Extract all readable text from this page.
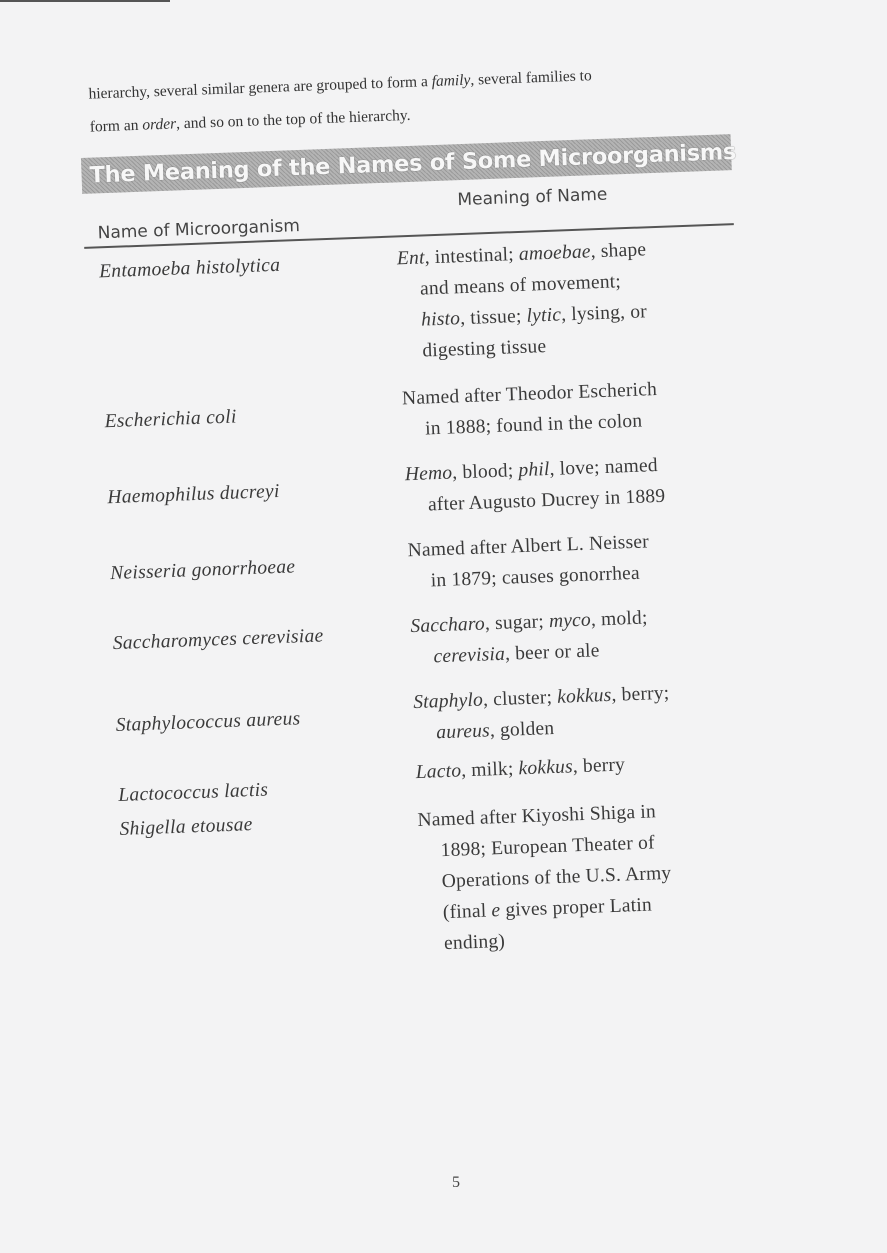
hierarchy, several similar genera are grouped to form a family, several families to
form an order, and so on to the top of the hierarchy.

The Meaning of the Names of Some Microorganisms
Name of Microorganism
Meaning of Name
Entamoeba histolytica	Ent, intestinal; amoebae, shape
and means of movement;
histo, tissue; lytic, lysing, or
digesting tissue
Escherichia coli
Named after Theodor Escherich
in 1888; found in the colon
Haemophilus ducreyi
Hemo, blood; phil, love; named
after Augusto Ducrey in 1889
Neisseria gonorrhoeae
Named after Albert L. Neisser
in 1879; causes gonorrhea
Saccharomyces cerevisiae
Saccharo, sugar; myco, mold;
cerevisia, beer or ale
Staphylococcus aureus
Staphylo, cluster; kokkus, berry;
aureus, golden
Lactococcus lactis
Lacto, milk; kokkus, berry
Shigella etousae	Named after Kiyoshi Shiga in
1898; European Theater of
Operations of the U.S. Army
(final e gives proper Latin
ending)
5
